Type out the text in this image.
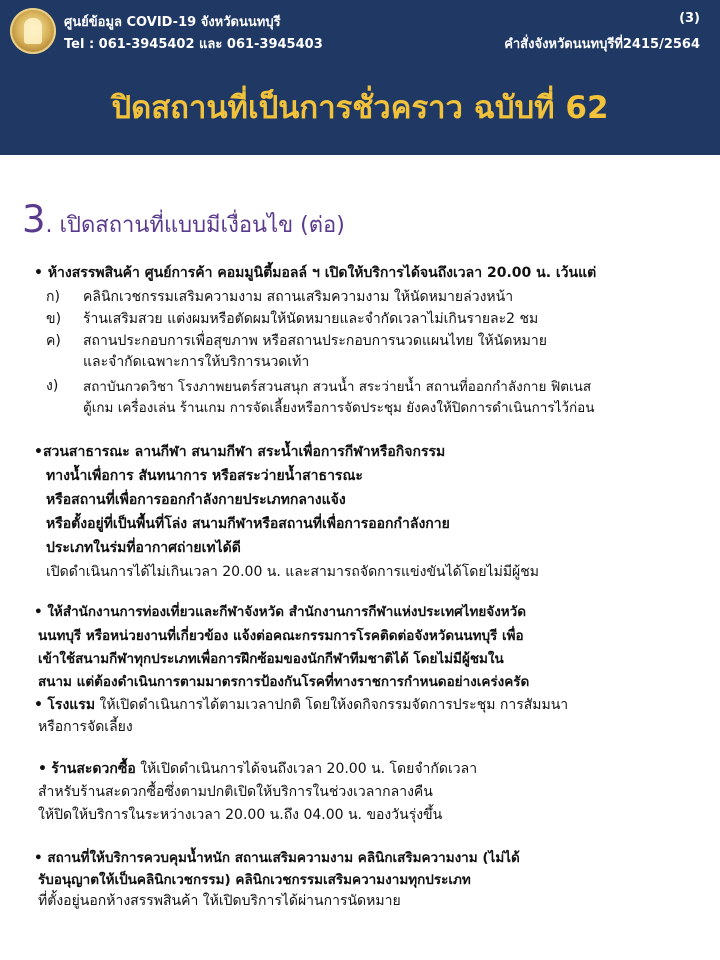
ศูนย์ข้อมูล COVID-19 จังหวัดนนทบุรี
Tel : 061-3945402 และ 061-3945403
(3)
คำสั่งจังหวัดนนทบุรีที่2415/2564
ปิดสถานที่เป็นการชั่วคราว ฉบับที่ 62
3. เปิดสถานที่แบบมีเงื่อนไข (ต่อ)
• ห้างสรรพสินค้า ศูนย์การค้า คอมมูนิตี้มอลล์ ฯ เปิดให้บริการได้จนถึงเวลา 20.00 น. เว้นแต่
ก) คลินิกเวชกรรมเสริมความงาม สถานเสริมความงาม ให้นัดหมายล่วงหน้า
ข) ร้านเสริมสวย แต่งผมหรือตัดผมให้นัดหมายและจำกัดเวลาไม่เกินรายละ2 ชม
ค) สถานประกอบการเพื่อสุขภาพ หรือสถานประกอบการนวดแผนไทย ให้นัดหมาย
และจำกัดเฉพาะการให้บริการนวดเท้า
ง) สถาบันกวดวิชา โรงภาพยนตร์สวนสนุก สวนน้ำ สระว่ายน้ำ สถานที่ออกกำลังกาย ฟิตเนส
ตู้เกม เครื่องเล่น ร้านเกม การจัดเลี้ยงหรือการจัดประชุม ยังคงให้ปิดการดำเนินการไว้ก่อน
•สวนสาธารณะ ลานกีฬา สนามกีฬา สระน้ำเพื่อการกีฬาหรือกิจกรรม
ทางน้ำเพื่อการ สันทนาการ หรือสระว่ายน้ำสาธารณะ
หรือสถานที่เพื่อการออกกำลังกายประเภทกลางแจ้ง
หรือตั้งอยู่ที่เป็นพื้นที่โล่ง สนามกีฬาหรือสถานที่เพื่อการออกกำลังกาย
ประเภทในร่มที่อากาศถ่ายเทได้ดี
เปิดดำเนินการได้ไม่เกินเวลา 20.00 น. และสามารถจัดการแข่งขันได้โดยไม่มีผู้ชม
• ให้สำนักงานการท่องเที่ยวและกีฬาจังหวัด สำนักงานการกีฬาแห่งประเทศไทยจังหวัด
นนทบุรี หรือหน่วยงานที่เกี่ยวข้อง แจ้งต่อคณะกรรมการโรคติดต่อจังหวัดนนทบุรี เพื่อ
เข้าใช้สนามกีฬาทุกประเภทเพื่อการฝึกซ้อมของนักกีฬาทีมชาติได้ โดยไม่มีผู้ชมใน
สนาม แต่ต้องดำเนินการตามมาตรการป้องกันโรคที่ทางราชการกำหนดอย่างเคร่งครัด
• โรงแรม ให้เปิดดำเนินการได้ตามเวลาปกติ โดยให้งดกิจกรรมจัดการประชุม การสัมมนา
หรือการจัดเลี้ยง
• ร้านสะดวกซื้อ ให้เปิดดำเนินการได้จนถึงเวลา 20.00 น. โดยจำกัดเวลา
สำหรับร้านสะดวกซื้อซึ่งตามปกติเปิดให้บริการในช่วงเวลากลางคืน
ให้ปิดให้บริการในระหว่างเวลา 20.00 น.ถึง 04.00 น. ของวันรุ่งขึ้น
• สถานที่ให้บริการควบคุมน้ำหนัก สถานเสริมความงาม คลินิกเสริมความงาม (ไม่ได้
รับอนุญาตให้เป็นคลินิกเวชกรรม) คลินิกเวชกรรมเสริมความงามทุกประเภท
ที่ตั้งอยู่นอกห้างสรรพสินค้า ให้เปิดบริการได้ผ่านการนัดหมาย
